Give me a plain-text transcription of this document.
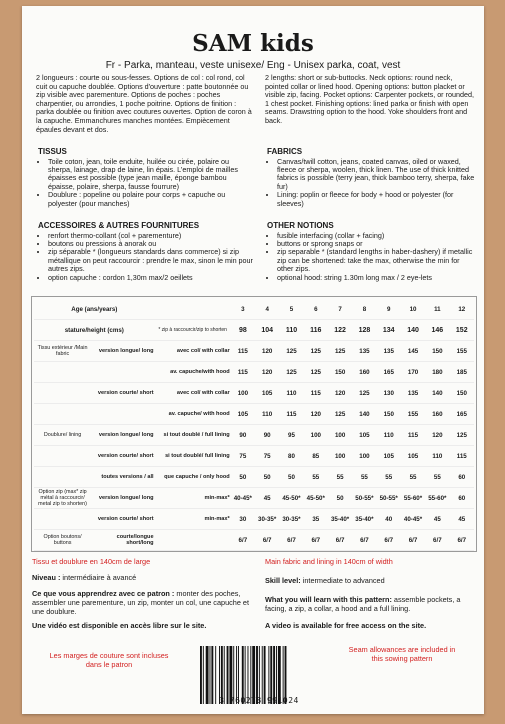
SAM kids
Fr - Parka, manteau, veste unisexe/ Eng - Unisex parka, coat, vest

2 longueurs : courte ou sous-fesses. Options de col : col rond, col cuit ou capuche doublée. Options d'ouverture : patte boutonnée ou zip visible avec parementure. Options de poches : poches charpentier, ou arrondies, 1 poche poitrine. Options de finition : parka doublée ou finition avec coutures ouvertes. Option de coron à la capuche. Emmanchures manches montées. Empiècement épaules devant et dos.

2 lengths: short or sub-buttocks. Neck options: round neck, pointed collar or lined hood. Opening options: button placket or visible zip, facing. Pocket options: Carpenter pockets, or rounded, 1 chest pocket. Finishing options: lined parka or finish with open seams. Drawstring option to the hood. Yoke shoulders front and back.

TISSUS
• Toile coton, jean, toile enduite, huilée ou cirée, polaire ou sherpa, lainage, drap de laine, lin épais. L'emploi de mailles épaisses est possible (type jean maille, éponge bambou épaisse, polaire, sherpa, fausse fourrure)
• Doublure : popeline ou polaire pour corps + capuche ou polyester (pour manches)
FABRICS
• Canvas/twill cotton, jeans, coated canvas, oiled or waxed, fleece or sherpa, woolen, thick linen. The use of thick knitted fabrics is possible (terry jean, thick bamboo terry, sherpa, fake fur)
• Lining: poplin or fleece for body + hood or polyester (for sleeves)
ACCESSOIRES & AUTRES FOURNITURES
• renfort thermo-collant (col + parementure)
• boutons ou pressions à anorak ou
• zip séparable * (longueurs standards dans commerce) si zip métallique on peut raccourcir : prendre le max, sinon le min pour autres zips.
• option capuche : cordon 1,30m max/2 oeillets
OTHER NOTIONS
• fusible interfacing (collar + facing)
• buttons or sprong snaps or
• zip separable * (standard lengths in haber-dashery) if metallic zip can be shortened: take the max, otherwise the min for other zips.
• optional hood: string 1.30m long max / 2 eye-lets
Age (ans/years)			3	4	5	6	7	8	9	10	11	12
stature/height (cms)		* zip à raccourcir/zip to shorten	98	104	110	116	122	128	134	140	146	152
Tissu extérieur /Main fabric	version longue/ long	avec col/ with collar	115	120	125	125	125	135	135	145	150	155
		av. capuche/with hood	115	120	125	125	150	160	165	170	180	185
	version courte/ short	avec col/ with collar	100	105	110	115	120	125	130	135	140	150
		av. capuche/ with hood	105	110	115	120	125	140	150	155	160	165
Doublure/ lining	version longue/ long	si tout doublé / full lining	90	90	95	100	100	105	110	115	120	125
	version courte/ short	si tout doublé/ full lining	75	75	80	85	100	100	105	105	110	115
	toutes versions / all	que capuche / only hood	50	50	50	55	55	55	55	55	55	60
Option zip (max* zip métal à raccourcir/ metal zip to shorten)	version longue/ long	min-max*	40-45*	45	45-50*	45-50*	50	50-55*	50-55*	55-60*	55-60*	60
	version courte/ short	min-max*	30	30-35*	30-35*	35	35-40*	35-40*	40	40-45*	45	45
Option boutons/ buttons	courte/longue short/long		6/7	6/7	6/7	6/7	6/7	6/7	6/7	6/7	6/7	6/7
Tissu et doublure en 140cm de large	Main fabric and lining in 140cm of width
Niveau : intermédiaire à avancé	Skill level: intermediate to advanced
Ce que vous apprendrez avec ce patron : monter des poches, assembler une parementure, un zip, monter un col, une capuche et une doublure.
What you will learn with this pattern: assemble pockets, a facing, a zip, a collar, a hood and a full lining.
Une vidéo est disponible en accès libre sur le site.	A video is available for free access on the site.
Les marges de couture sont incluses dans le patron
Seam allowances are included in this sowing pattern
3 760278 991024
